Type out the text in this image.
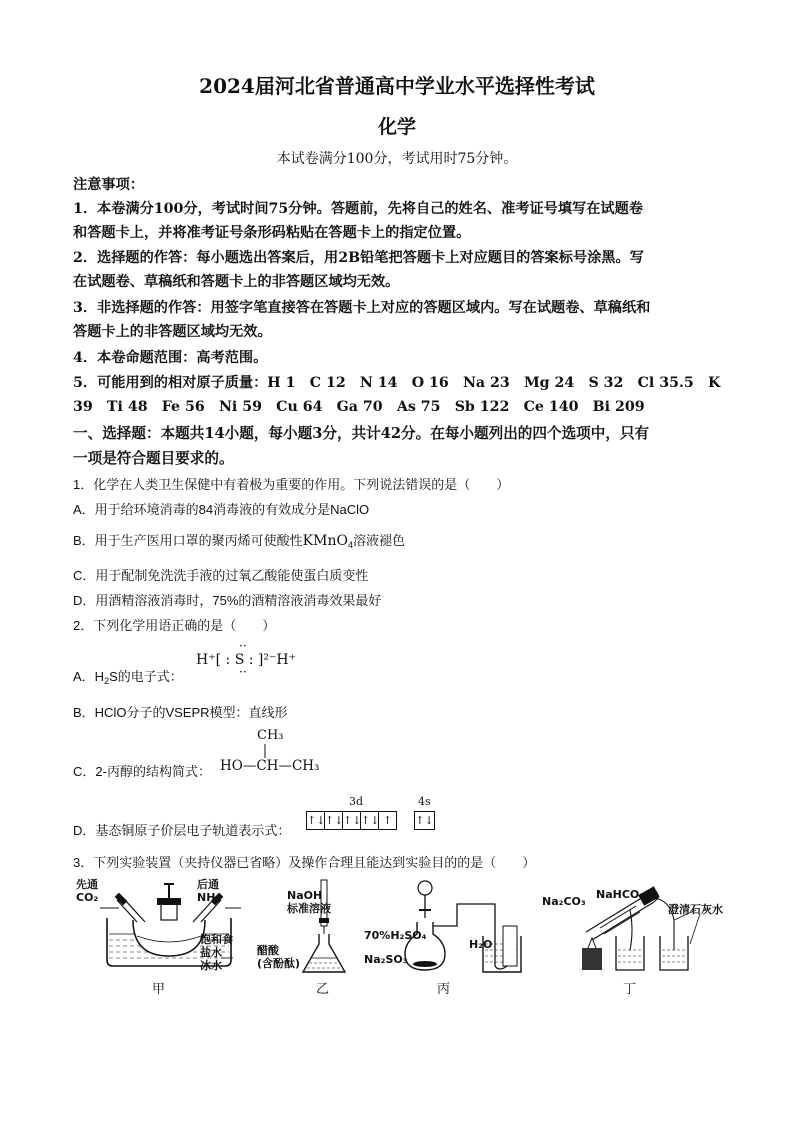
2024届河北省普通高中学业水平选择性考试
化学
本试卷满分100分，考试用时75分钟。
注意事项：
1．本卷满分100分，考试时间75分钟。答题前，先将自己的姓名、准考证号填写在试题卷
和答题卡上，并将准考证号条形码粘贴在答题卡上的指定位置。
2．选择题的作答：每小题选出答案后，用2B铅笔把答题卡上对应题目的答案标号涂黑。写
在试题卷、草稿纸和答题卡上的非答题区域均无效。
3．非选择题的作答：用签字笔直接答在答题卡上对应的答题区域内。写在试题卷、草稿纸和
答题卡上的非答题区域均无效。
4．本卷命题范围：高考范围。
5．可能用到的相对原子质量：H 1　C 12　N 14　O 16　Na 23　Mg 24　S 32　Cl 35.5　K
39　Ti 48　Fe 56　Ni 59　Cu 64　Ga 70　As 75　Sb 122　Ce 140　Bi 209
一、选择题：本题共14小题，每小题3分，共计42分。在每小题列出的四个选项中，只有
一项是符合题目要求的。
1．化学在人类卫生保健中有着极为重要的作用。下列说法错误的是（　　）
A．用于给环境消毒的84消毒液的有效成分是NaClO
B．用于生产医用口罩的聚丙烯可使酸性KMnO$_4$溶液褪色
C．用于配制免洗洗手液的过氧乙酸能使蛋白质变性
D．用酒精溶液消毒时，75%的酒精溶液消毒效果最好
2．下列化学用语正确的是（　　）
A．$H_2S$的电子式：
H⁺[ : S : ]²⁻H⁺
··
··
B．HClO分子的VSEPR模型：直线形
C．2-丙醇的结构简式：
CH₃
HO—CH—CH₃
D．基态铜原子价层电子轨道表示式：
3d	4s
↑↓ ↑↓ ↑↓ ↑↓ ↑	↑↓
3．下列实验装置（夹持仪器已省略）及操作合理且能达到实验目的的是（　　）
先通
CO₂
后通
NH₃
饱和食
盐水
冰水
甲
NaOH
标准溶液
醋酸
(含酚酞)
乙
70%H₂SO₄
Na₂SO₃
H₂O
丙
Na₂CO₃
NaHCO₃
澄清石灰水
丁
